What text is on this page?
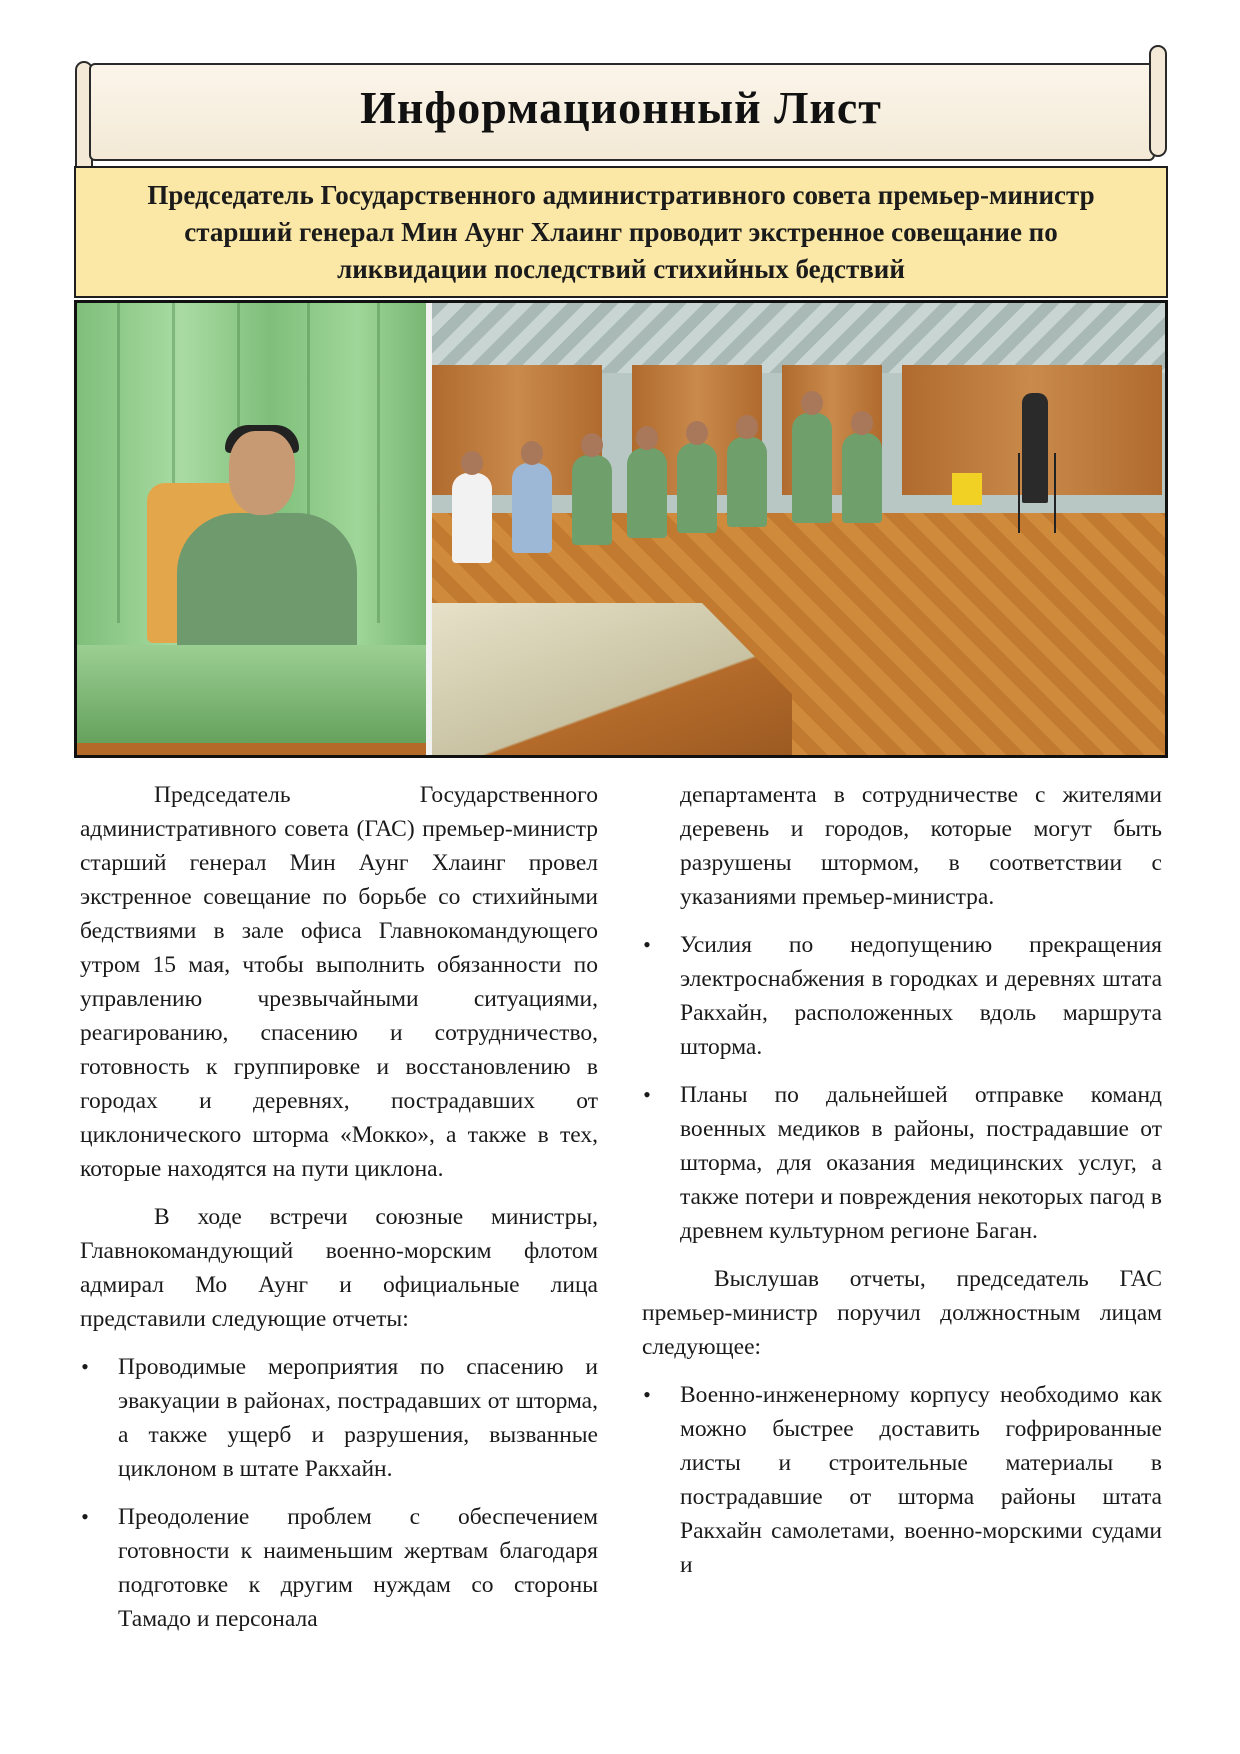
Информационный Лист
Председатель Государственного административного совета премьер-министр старший генерал Мин Аунг Хлаинг проводит экстренное совещание по ликвидации последствий стихийных бедствий

Председатель Государственного административного совета (ГАС) премьер-министр старший генерал Мин Аунг Хлаинг провел экстренное совещание по борьбе со стихийными бедствиями в зале офиса Главнокомандующего утром 15 мая, чтобы выполнить обязанности по управлению чрезвычайными ситуациями, реагированию, спасению и сотрудничество, готовность к группировке и восстановлению в городах и деревнях, пострадавших от циклонического шторма «Мокко», а также в тех, которые находятся на пути циклона.

В ходе встречи союзные министры, Главнокомандующий военно-морским флотом адмирал Мо Аунг и официальные лица представили следующие отчеты:

• Проводимые мероприятия по спасению и эвакуации в районах, пострадавших от шторма, а также ущерб и разрушения, вызванные циклоном в штате Ракхайн.
• Преодоление проблем с обеспечением готовности к наименьшим жертвам благодаря подготовке к другим нуждам со стороны Тамадо и персонала

департамента в сотрудничестве с жителями деревень и городов, которые могут быть разрушены штормом, в соответствии с указаниями премьер-министра.

• Усилия по недопущению прекращения электроснабжения в городках и деревнях штата Ракхайн, расположенных вдоль маршрута шторма.
• Планы по дальнейшей отправке команд военных медиков в районы, пострадавшие от шторма, для оказания медицинских услуг, а также потери и повреждения некоторых пагод в древнем культурном регионе Баган.

Выслушав отчеты, председатель ГАС премьер-министр поручил должностным лицам следующее:

• Военно-инженерному корпусу необходимо как можно быстрее доставить гофрированные листы и строительные материалы в пострадавшие от шторма районы штата Ракхайн самолетами, военно-морскими судами и
